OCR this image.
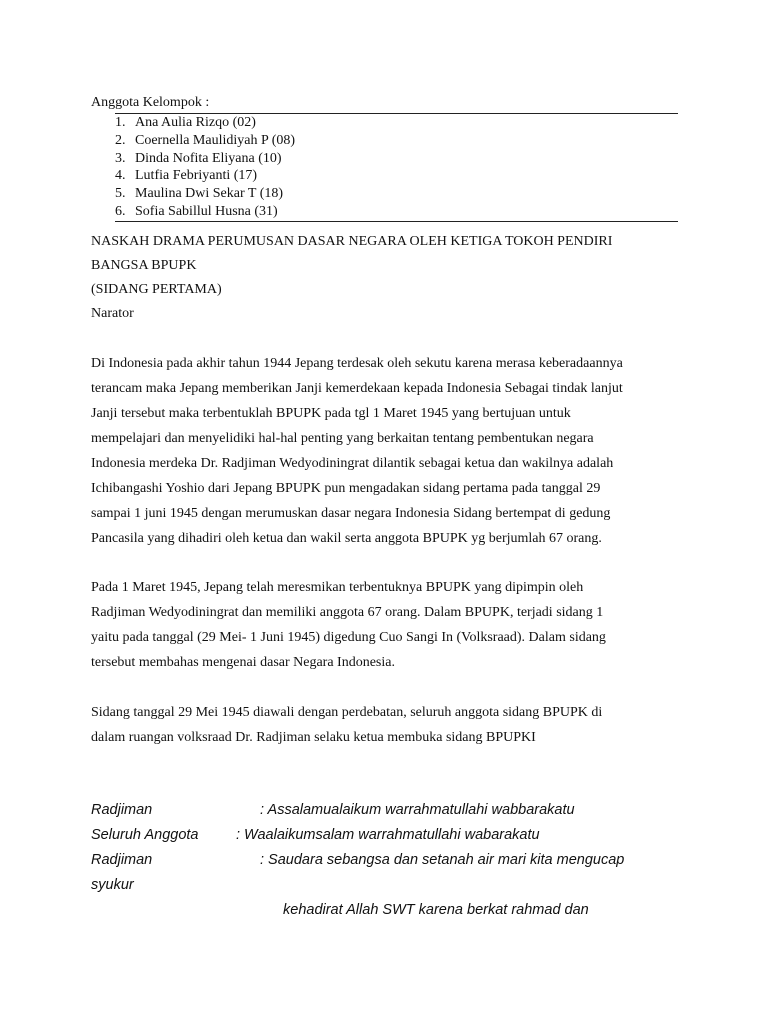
Anggota Kelompok :
1. Ana Aulia Rizqo (02)
2. Coernella Maulidiyah P (08)
3. Dinda Nofita Eliyana (10)
4. Lutfia Febriyanti (17)
5. Maulina Dwi Sekar T (18)
6. Sofia Sabillul Husna (31)
NASKAH DRAMA PERUMUSAN DASAR NEGARA OLEH KETIGA TOKOH PENDIRI
BANGSA BPUPK
(SIDANG PERTAMA)
Narator
Di Indonesia pada akhir tahun 1944 Jepang terdesak oleh sekutu karena merasa keberadaannya
terancam maka Jepang memberikan Janji kemerdekaan kepada Indonesia Sebagai tindak lanjut
Janji tersebut maka terbentuklah BPUPK pada tgl 1 Maret 1945 yang bertujuan untuk
mempelajari dan menyelidiki hal-hal penting yang berkaitan tentang pembentukan negara
Indonesia merdeka Dr. Radjiman Wedyodiningrat dilantik sebagai ketua dan wakilnya adalah
Ichibangashi Yoshio dari Jepang BPUPK pun mengadakan sidang pertama pada tanggal 29
sampai 1 juni 1945 dengan merumuskan dasar negara Indonesia Sidang bertempat di gedung
Pancasila yang dihadiri oleh ketua dan wakil serta anggota BPUPK yg berjumlah 67 orang.
Pada 1 Maret 1945, Jepang telah meresmikan terbentuknya BPUPK yang dipimpin oleh
Radjiman Wedyodiningrat dan memiliki anggota 67 orang. Dalam BPUPK, terjadi sidang 1
yaitu pada tanggal (29 Mei- 1 Juni 1945) digedung Cuo Sangi In (Volksraad). Dalam sidang
tersebut membahas mengenai dasar Negara Indonesia.
Sidang tanggal 29 Mei 1945 diawali dengan perdebatan, seluruh anggota sidang BPUPK di
dalam ruangan volksraad Dr. Radjiman selaku ketua membuka sidang BPUPKI
Radjiman	: Assalamualaikum warrahmatullahi wabbarakatu
Seluruh Anggota	: Waalaikumsalam warrahmatullahi wabarakatu
Radjiman	: Saudara sebangsa dan setanah air mari kita mengucap
syukur
kehadirat Allah SWT karena berkat rahmad dan
